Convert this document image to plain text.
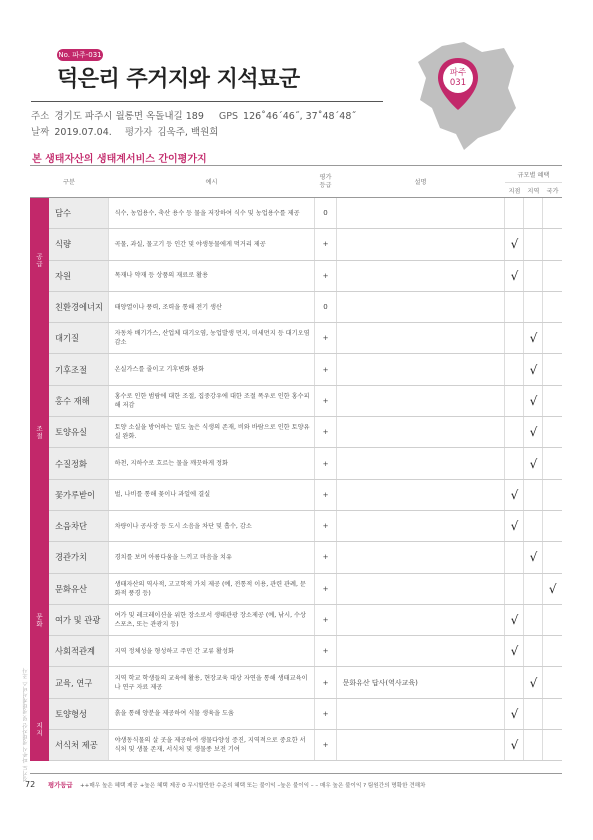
No. 파주-031
덕은리 주거지와 지석묘군
주소 경기도 파주시 월롱면 옥돌내길 189 GPS 126˚46´46˝, 37˚48´48˝
날짜 2019.07.04. 평가자 김욱주, 백원희
파주
031
본 생태자산의 생태계서비스 간이평가지
구분		예시	평가등급	설명	규모별 혜택		
					지점	지역	국가
공급	담수	식수, 농업용수, 축산 용수 등 물을 저장하여 식수 및 농업용수를 제공	0				
	식량	곡물, 과실, 물고기 등 인간 및 야생동물에게 먹거리 제공	+		√		
	자원	목재나 약재 등 상품의 재료로 활용	+		√		
	친환경에너지	태양열이나 풍력, 조력을 통해 전기 생산	0				
조절	대기질	자동차 배기가스, 산업체 대기오염, 농업발생 먼지, 미세먼지 등 대기오염 감소	+			√	
	기후조절	온실가스를 줄이고 기후변화 완화	+			√	
	홍수 재해	홍수로 인한 범람에 대한 조절, 집중강우에 대한 조절 폭우로 인한 홍수피해 저감	+			√	
	토양유실	토양 소실을 방어하는 밀도 높은 식생의 존재, 비와 바람으로 인한 토양유실 완화.	+			√	
	수질정화	하천, 지하수로 흐르는 물을 깨끗하게 정화	+			√	
	꽃가루받이	벌, 나비를 통해 꽃이나 과일에 결실	+		√		
	소음차단	차량이나 공사장 등 도시 소음을 차단 및 흡수, 감소	+		√		
문화	경관가치	경치를 보며 아름다움을 느끼고 마음을 치유	+			√	
	문화유산	생태자산의 역사적, 고고학적 가치 제공 (예, 전통적 이용, 관련 관례, 문화적 풍경 등)	+				√
	여가 및 관광	여가 및 레크레이션을 위한 장소로서 생태관광 장소제공 (예, 낚시, 수상스포츠, 또는 관광지 등)	+		√		
	사회적관계	지역 정체성을 형성하고 주민 간 교류 활성화	+		√		
	교육, 연구	지역 학교 학생들의 교육에 활용, 현장교육 대상 자연을 통해 생태교육이나 연구 자료 제공	+	문화유산 답사(역사교육)		√	
지지	토양형성	흙을 통해 양분을 제공하여 식물 생육을 도움	+		√		
	서식처 제공	야생동식물의 살 곳을 제공하여 생물다양성 증진, 지역적으로 중요한 서식처 및 생물 존재, 서식처 및 생물종 보전 기여	+		√		
72 평가등급 ++매우 높은 혜택 제공 +높은 혜택 제공 0 무시할만한 수준의 혜택 또는 불이익 –높은 불이익 – – 매우 높은 불이익 ? 팀원간의 명확한 견해차
경기도 파주시 생태자산 및 생태계서비스 조사
